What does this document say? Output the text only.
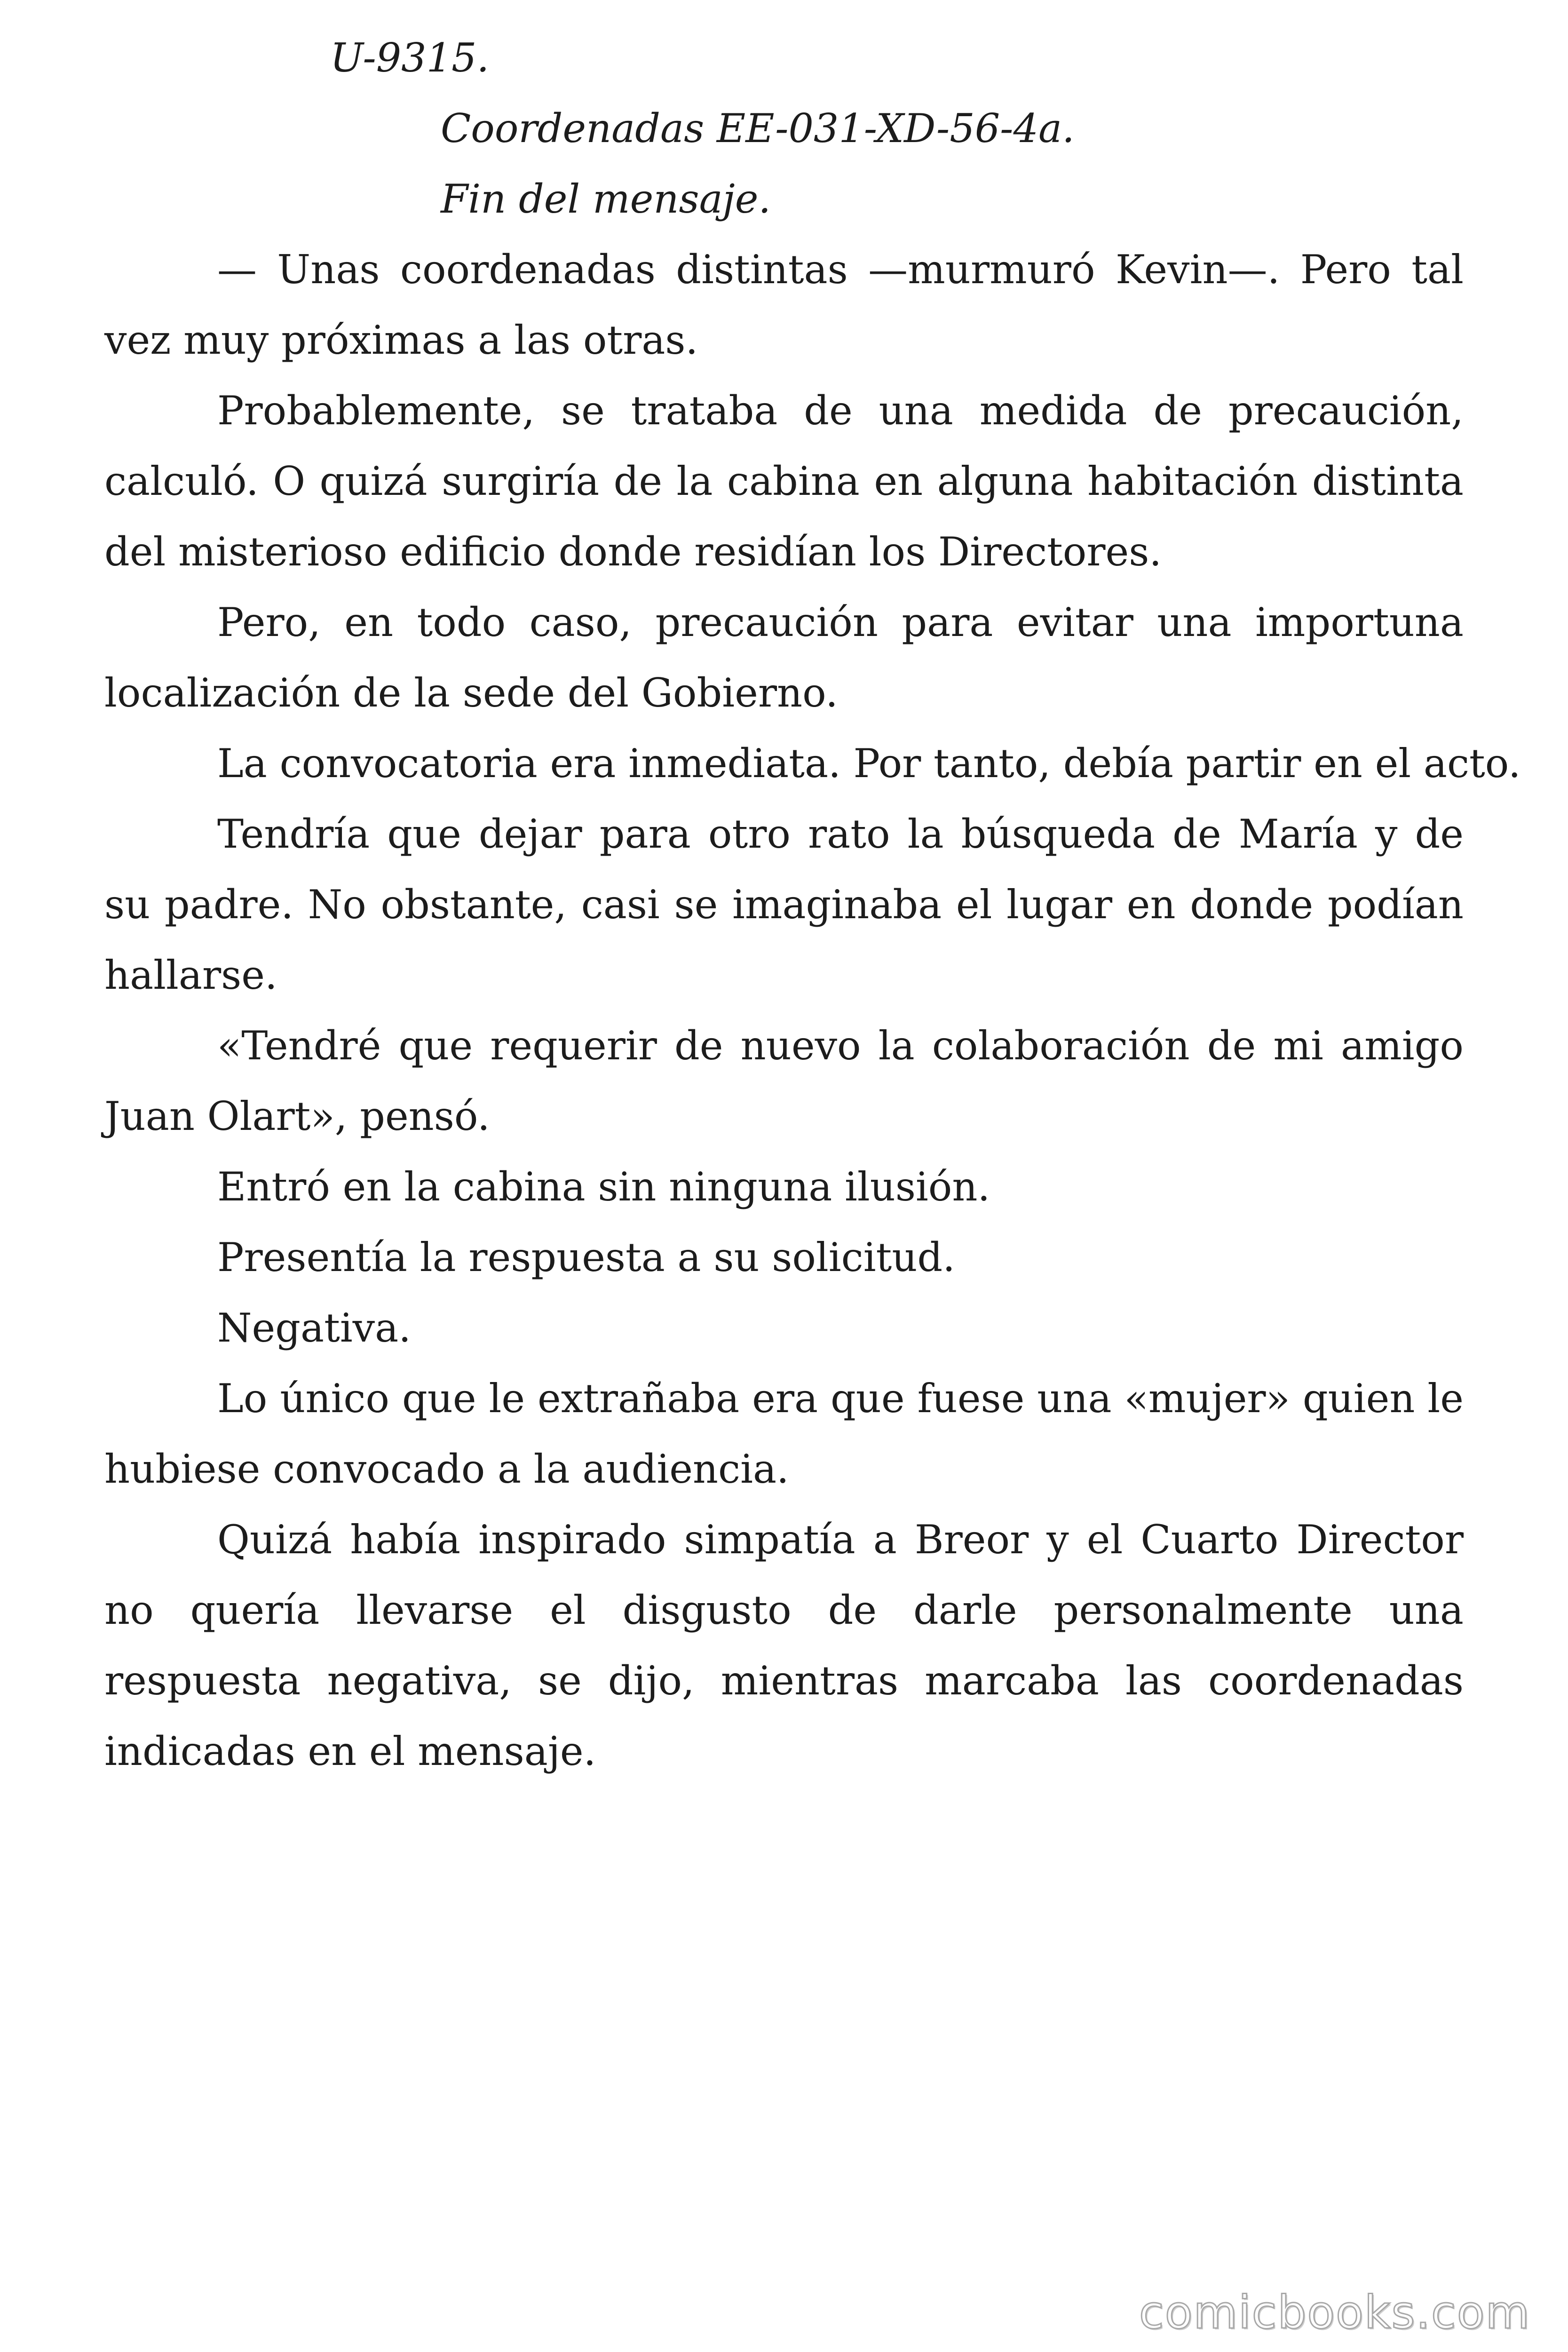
U-9315.
Coordenadas EE-031-XD-56-4a.
Fin del mensaje.

— Unas coordenadas distintas —murmuró Kevin—. Pero tal vez muy próximas a las otras.

Probablemente, se trataba de una medida de precaución, calculó. O quizá surgiría de la cabina en alguna habitación distinta del misterioso edificio donde residían los Directores.

Pero, en todo caso, precaución para evitar una importuna localización de la sede del Gobierno.

La convocatoria era inmediata. Por tanto, debía partir en el acto.

Tendría que dejar para otro rato la búsqueda de María y de su padre. No obstante, casi se imaginaba el lugar en donde podían hallarse.

«Tendré que requerir de nuevo la colaboración de mi amigo Juan Olart», pensó.

Entró en la cabina sin ninguna ilusión.

Presentía la respuesta a su solicitud.

Negativa.

Lo único que le extrañaba era que fuese una «mujer» quien le hubiese convocado a la audiencia.

Quizá había inspirado simpatía a Breor y el Cuarto Director no quería llevarse el disgusto de darle personalmente una respuesta negativa, se dijo, mientras marcaba las coordenadas indicadas en el mensaje.

comicbooks.com
